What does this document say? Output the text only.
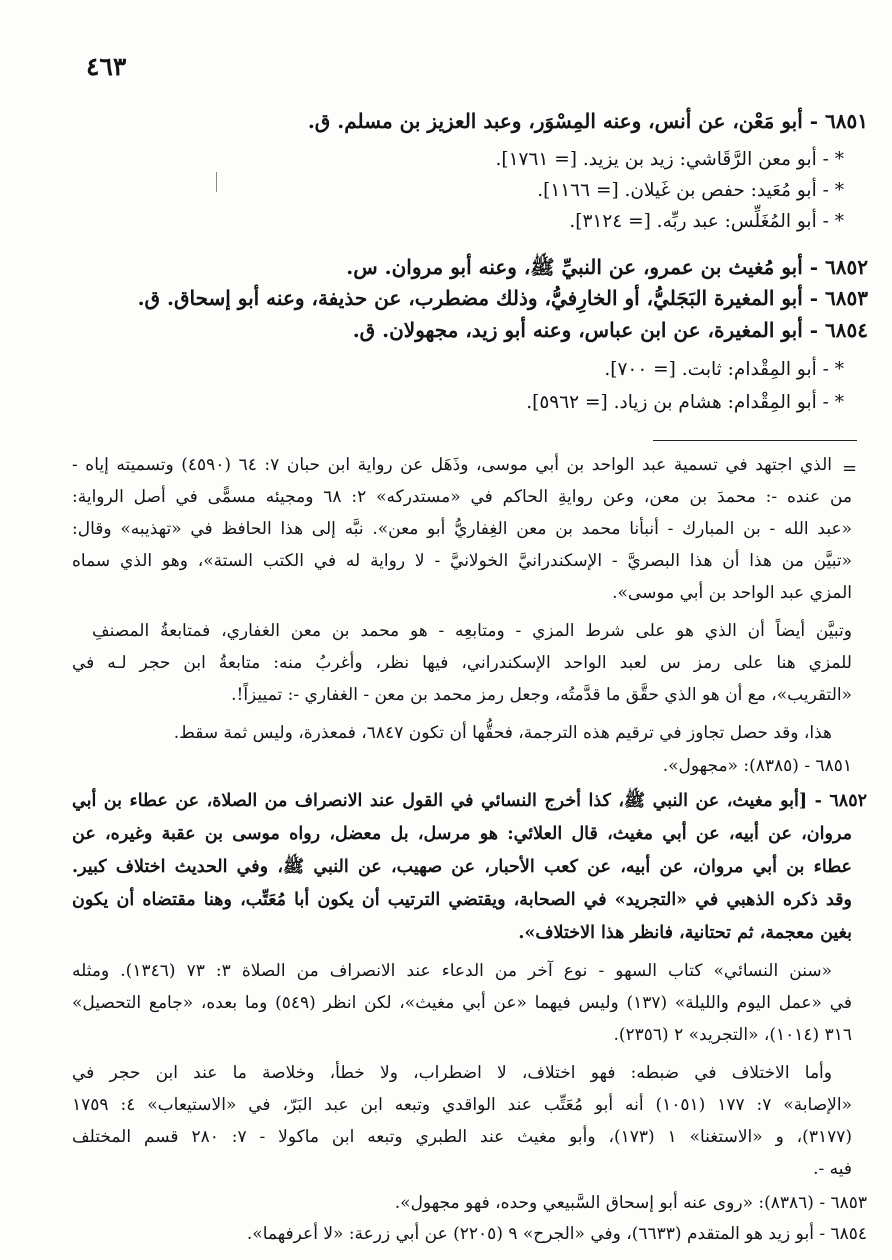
٤٦٣
٦٨٥١ - أبو مَعْن، عن أنس، وعنه المِسْوَر، وعبد العزيز بن مسلم. ق.
* - أبو معن الرَّقَاشي: زيد بن يزيد. [= ١٧٦١].
* - أبو مُعَيد: حفص بن غَيلان. [= ١١٦٦].
* - أبو المُغَلِّس: عبد ربِّه. [= ٣١٢٤].
٦٨٥٢ - أبو مُغيث بن عمرو، عن النبيِّ ﷺ، وعنه أبو مروان. س.
٦٨٥٣ - أبو المغيرة البَجَليُّ، أو الخارِفيُّ، وذلك مضطرب، عن حذيفة، وعنه أبو إسحاق. ق.
٦٨٥٤ - أبو المغيرة، عن ابن عباس، وعنه أبو زيد، مجهولان. ق.
* - أبو المِقْدام: ثابت. [= ٧٠٠].
* - أبو المِقْدام: هشام بن زياد. [= ٥٩٦٢].
=
الذي اجتهد في تسمية عبد الواحد بن أبي موسى، وذَهَل عن رواية ابن حبان ٧: ٦٤ (٤٥٩٠) وتسميته إياه -
من عنده -: محمدَ بن معن، وعن روايةِ الحاكم في «مستدركه» ٢: ٦٨ ومجيئه مسمًّى في أصل الرواية:
«عبد الله - بن المبارك - أنبأنا محمد بن معن الغِفاريُّ أبو معن». نبَّه إلى هذا الحافظ في «تهذيبه» وقال:
«تبيَّن من هذا أن هذا البصريَّ - الإسكندرانيَّ الخولانيَّ - لا رواية له في الكتب الستة»، وهو الذي سماه
المزي عبد الواحد بن أبي موسى».
وتبيَّن أيضاً أن الذي هو على شرط المزي - ومتابعِه - هو محمد بن معن الغفاري، فمتابعةُ المصنفِ
للمزي هنا على رمز س لعبد الواحد الإسكندراني، فيها نظر، وأغربُ منه: متابعةُ ابن حجر لـه في
«التقريب»، مع أن هو الذي حقَّق ما قدَّمتُه، وجعل رمز محمد بن معن - الغفاري -: تمييزاً!.
هذا، وقد حصل تجاوز في ترقيم هذه الترجمة، فحقُّها أن تكون ٦٨٤٧، فمعذرة، وليس ثمة سقط.
٦٨٥١ - (٨٣٨٥): «مجهول».
٦٨٥٢ - [أبو مغيث، عن النبي ﷺ، كذا أخرج النسائي في القول عند الانصراف من الصلاة، عن عطاء بن أبي
مروان، عن أبيه، عن أبي مغيث، قال العلائي: هو مرسل، بل معضل، رواه موسى بن عقبة وغيره، عن
عطاء بن أبي مروان، عن أبيه، عن كعب الأحبار، عن صهيب، عن النبي ﷺ، وفي الحديث اختلاف كبير.
وقد ذكره الذهبي في «التجريد» في الصحابة، ويقتضي الترتيب أن يكون أبا مُعَتِّب، وهنا مقتضاه أن يكون
بغين معجمة، ثم تحتانية، فانظر هذا الاختلاف».
«سنن النسائي» كتاب السهو - نوع آخر من الدعاء عند الانصراف من الصلاة ٣: ٧٣ (١٣٤٦). ومثله
في «عمل اليوم والليلة» (١٣٧) وليس فيهما «عن أبي مغيث»، لكن انظر (٥٤٩) وما بعده، «جامع التحصيل»
٣١٦ (١٠١٤)، «التجريد» ٢ (٢٣٥٦).
وأما الاختلاف في ضبطه: فهو اختلاف، لا اضطراب، ولا خطأ، وخلاصة ما عند ابن حجر في
«الإصابة» ٧: ١٧٧ (١٠٥١) أنه أبو مُعَتِّب عند الواقدي وتبعه ابن عبد البَرّ، في «الاستيعاب» ٤: ١٧٥٩
(٣١٧٧)، و «الاستغنا» ١ (١٧٣)، وأبو مغيث عند الطبري وتبعه ابن ماكولا - ٧: ٢٨٠ قسم المختلف
فيه -.
٦٨٥٣ - (٨٣٨٦): «روى عنه أبو إسحاق السَّبيعي وحده، فهو مجهول».
٦٨٥٤ - أبو زيد هو المتقدم (٦٦٣٣)، وفي «الجرح» ٩ (٢٢٠٥) عن أبي زرعة: «لا أعرفهما».
